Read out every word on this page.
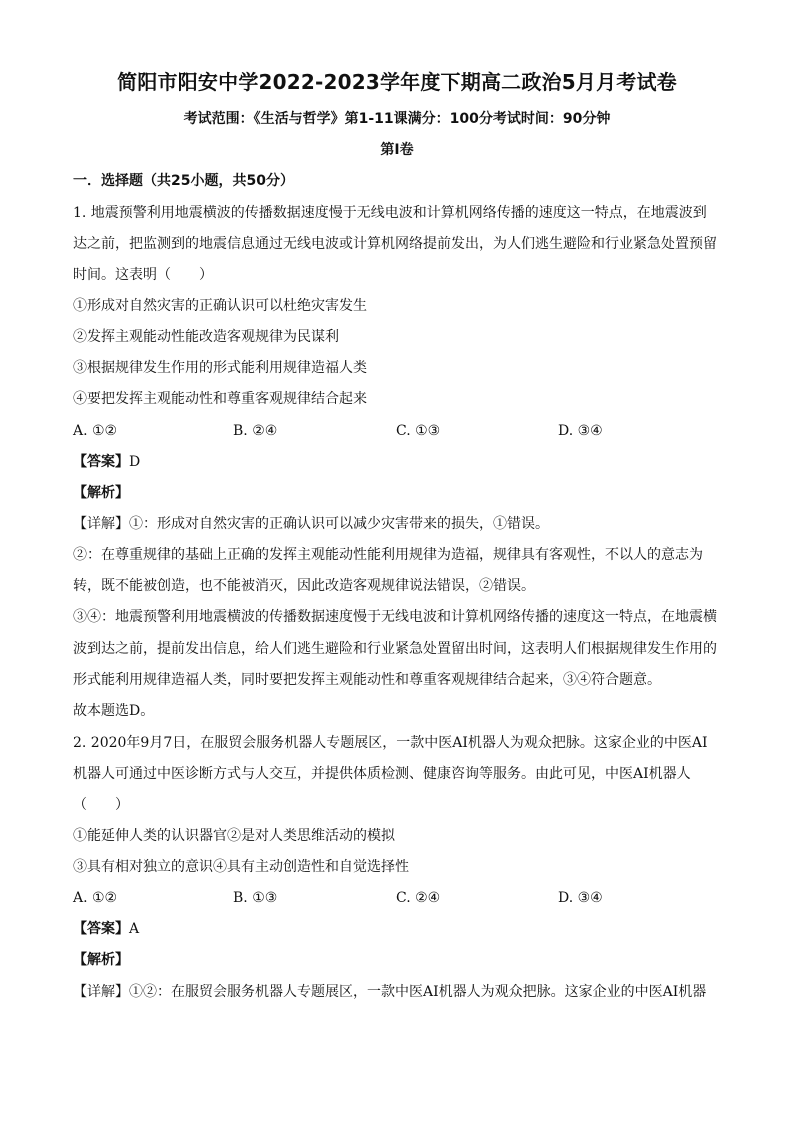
简阳市阳安中学2022-2023学年度下期高二政治5月月考试卷
考试范围：《生活与哲学》第1-11课满分：100分考试时间：90分钟
第I卷
一．选择题（共25小题，共50分）
1. 地震预警利用地震横波的传播数据速度慢于无线电波和计算机网络传播的速度这一特点，在地震波到
达之前，把监测到的地震信息通过无线电波或计算机网络提前发出，为人们逃生避险和行业紧急处置预留
时间。这表明（　　）
①形成对自然灾害的正确认识可以杜绝灾害发生
②发挥主观能动性能改造客观规律为民谋利
③根据规律发生作用的形式能利用规律造福人类
④要把发挥主观能动性和尊重客观规律结合起来
A. ①②	B. ②④	C. ①③	D. ③④
【答案】D
【解析】
【详解】①：形成对自然灾害的正确认识可以减少灾害带来的损失，①错误。
②：在尊重规律的基础上正确的发挥主观能动性能利用规律为造福，规律具有客观性，不以人的意志为
转，既不能被创造，也不能被消灭，因此改造客观规律说法错误，②错误。
③④：地震预警利用地震横波的传播数据速度慢于无线电波和计算机网络传播的速度这一特点，在地震横
波到达之前，提前发出信息，给人们逃生避险和行业紧急处置留出时间，这表明人们根据规律发生作用的
形式能利用规律造福人类，同时要把发挥主观能动性和尊重客观规律结合起来，③④符合题意。
故本题选D。
2. 2020年9月7日，在服贸会服务机器人专题展区，一款中医AI机器人为观众把脉。这家企业的中医AI
机器人可通过中医诊断方式与人交互，并提供体质检测、健康咨询等服务。由此可见，中医AI机器人
（　　）
①能延伸人类的认识器官②是对人类思维活动的模拟
③具有相对独立的意识④具有主动创造性和自觉选择性
A. ①②	B. ①③	C. ②④	D. ③④
【答案】A
【解析】
【详解】①②：在服贸会服务机器人专题展区，一款中医AI机器人为观众把脉。这家企业的中医AI机器
